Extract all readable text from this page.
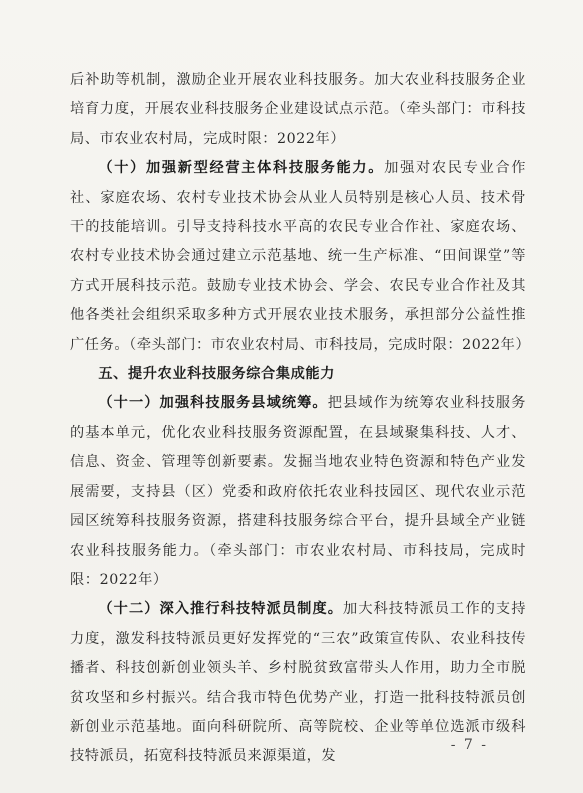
后补助等机制，激励企业开展农业科技服务。加大农业科技服务企业培育力度，开展农业科技服务企业建设试点示范。（牵头部门：市科技局、市农业农村局，完成时限：2022年）

（十）加强新型经营主体科技服务能力。加强对农民专业合作社、家庭农场、农村专业技术协会从业人员特别是核心人员、技术骨干的技能培训。引导支持科技水平高的农民专业合作社、家庭农场、农村专业技术协会通过建立示范基地、统一生产标准、“田间课堂”等方式开展科技示范。鼓励专业技术协会、学会、农民专业合作社及其他各类社会组织采取多种方式开展农业技术服务，承担部分公益性推广任务。（牵头部门：市农业农村局、市科技局，完成时限：2022年）

五、提升农业科技服务综合集成能力

（十一）加强科技服务县域统筹。把县域作为统筹农业科技服务的基本单元，优化农业科技服务资源配置，在县域聚集科技、人才、信息、资金、管理等创新要素。发掘当地农业特色资源和特色产业发展需要，支持县（区）党委和政府依托农业科技园区、现代农业示范园区统筹科技服务资源，搭建科技服务综合平台，提升县域全产业链农业科技服务能力。（牵头部门：市农业农村局、市科技局，完成时限：2022年）

（十二）深入推行科技特派员制度。加大科技特派员工作的支持力度，激发科技特派员更好发挥党的“三农”政策宣传队、农业科技传播者、科技创新创业领头羊、乡村脱贫致富带头人作用，助力全市脱贫攻坚和乡村振兴。结合我市特色优势产业，打造一批科技特派员创新创业示范基地。面向科研院所、高等院校、企业等单位选派市级科技特派员，拓宽科技特派员来源渠道，发

- 7 -
